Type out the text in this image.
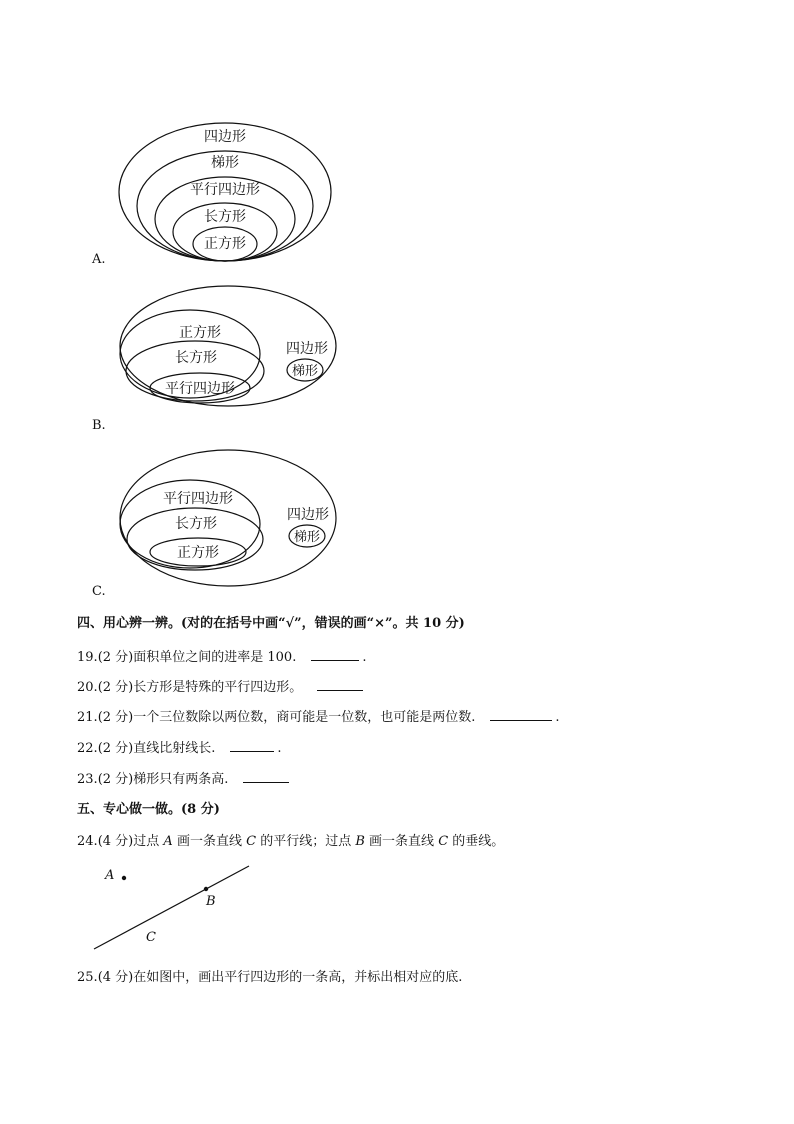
四边形
梯形
平行四边形
长方形
正方形
A.
正方形
长方形
平行四边形
四边形
梯形
B.
平行四边形
长方形
正方形
四边形
梯形
C.
四、用心辨一辨。(对的在括号中画“√”，错误的画“×”。共 10 分)
19.(2 分)面积单位之间的进率是 100.	.
20.(2 分)长方形是特殊的平行四边形。
21.(2 分)一个三位数除以两位数，商可能是一位数，也可能是两位数.	.
22.(2 分)直线比射线长.	.
23.(2 分)梯形只有两条高.
五、专心做一做。(8 分)
24.(4 分)过点 A 画一条直线 C 的平行线；过点 B 画一条直线 C 的垂线。
A
B
C
25.(4 分)在如图中，画出平行四边形的一条高，并标出相对应的底.
